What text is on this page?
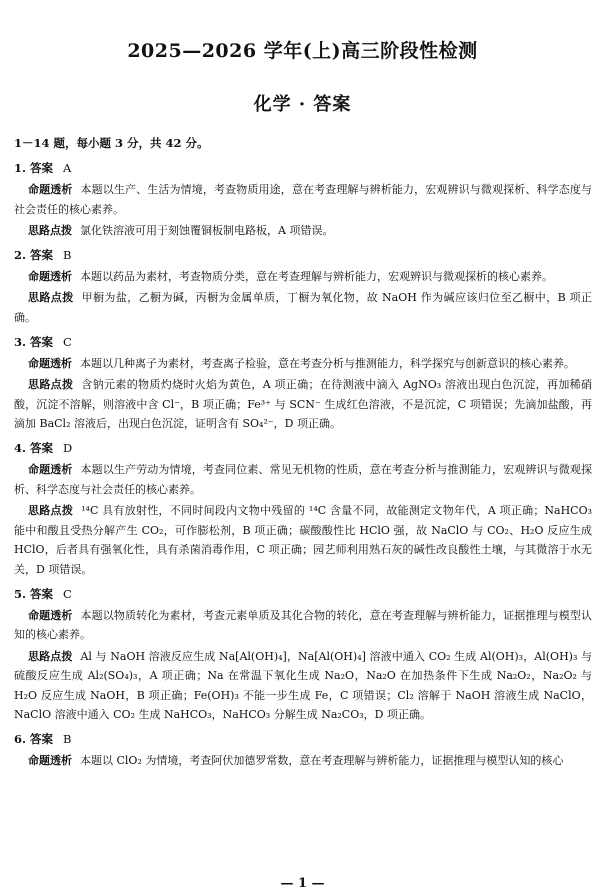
2025—2026 学年(上)高三阶段性检测
化学 · 答案
1－14 题，每小题 3 分，共 42 分。
1. 答案 A
命题透析 本题以生产、生活为情境，考查物质用途，意在考查理解与辨析能力，宏观辨识与微观探析、科学态度与社会责任的核心素养。
思路点拨 氯化铁溶液可用于刻蚀覆铜板制电路板，A 项错误。
2. 答案 B
命题透析 本题以药品为素材，考查物质分类，意在考查理解与辨析能力，宏观辨识与微观探析的核心素养。
思路点拨 甲橱为盐，乙橱为碱，丙橱为金属单质，丁橱为氧化物，故 NaOH 作为碱应该归位至乙橱中，B 项正确。
3. 答案 C
命题透析 本题以几种离子为素材，考查离子检验，意在考查分析与推测能力，科学探究与创新意识的核心素养。
思路点拨 含钠元素的物质灼烧时火焰为黄色，A 项正确；在待测液中滴入 AgNO₃ 溶液出现白色沉淀，再加稀硝酸，沉淀不溶解，则溶液中含 Cl⁻，B 项正确；Fe³⁺ 与 SCN⁻ 生成红色溶液，不是沉淀，C 项错误；先滴加盐酸，再滴加 BaCl₂ 溶液后，出现白色沉淀，证明含有 SO₄²⁻，D 项正确。
4. 答案 D
命题透析 本题以生产劳动为情境，考查同位素、常见无机物的性质，意在考查分析与推测能力，宏观辨识与微观探析、科学态度与社会责任的核心素养。
思路点拨 ¹⁴C 具有放射性，不同时间段内文物中残留的 ¹⁴C 含量不同，故能测定文物年代，A 项正确；NaHCO₃ 能中和酸且受热分解产生 CO₂，可作膨松剂，B 项正确；碳酸酸性比 HClO 强，故 NaClO 与 CO₂、H₂O 反应生成 HClO，后者具有强氧化性，具有杀菌消毒作用，C 项正确；园艺师利用熟石灰的碱性改良酸性土壤，与其微溶于水无关，D 项错误。
5. 答案 C
命题透析 本题以物质转化为素材，考查元素单质及其化合物的转化，意在考查理解与辨析能力，证据推理与模型认知的核心素养。
思路点拨 Al 与 NaOH 溶液反应生成 Na[Al(OH)₄]，Na[Al(OH)₄] 溶液中通入 CO₂ 生成 Al(OH)₃，Al(OH)₃ 与硫酸反应生成 Al₂(SO₄)₃，A 项正确；Na 在常温下氧化生成 Na₂O，Na₂O 在加热条件下生成 Na₂O₂，Na₂O₂ 与 H₂O 反应生成 NaOH，B 项正确；Fe(OH)₃ 不能一步生成 Fe，C 项错误；Cl₂ 溶解于 NaOH 溶液生成 NaClO，NaClO 溶液中通入 CO₂ 生成 NaHCO₃，NaHCO₃ 分解生成 Na₂CO₃，D 项正确。
6. 答案 B
命题透析 本题以 ClO₂ 为情境，考查阿伏加德罗常数，意在考查理解与辨析能力，证据推理与模型认知的核心
— 1 —
